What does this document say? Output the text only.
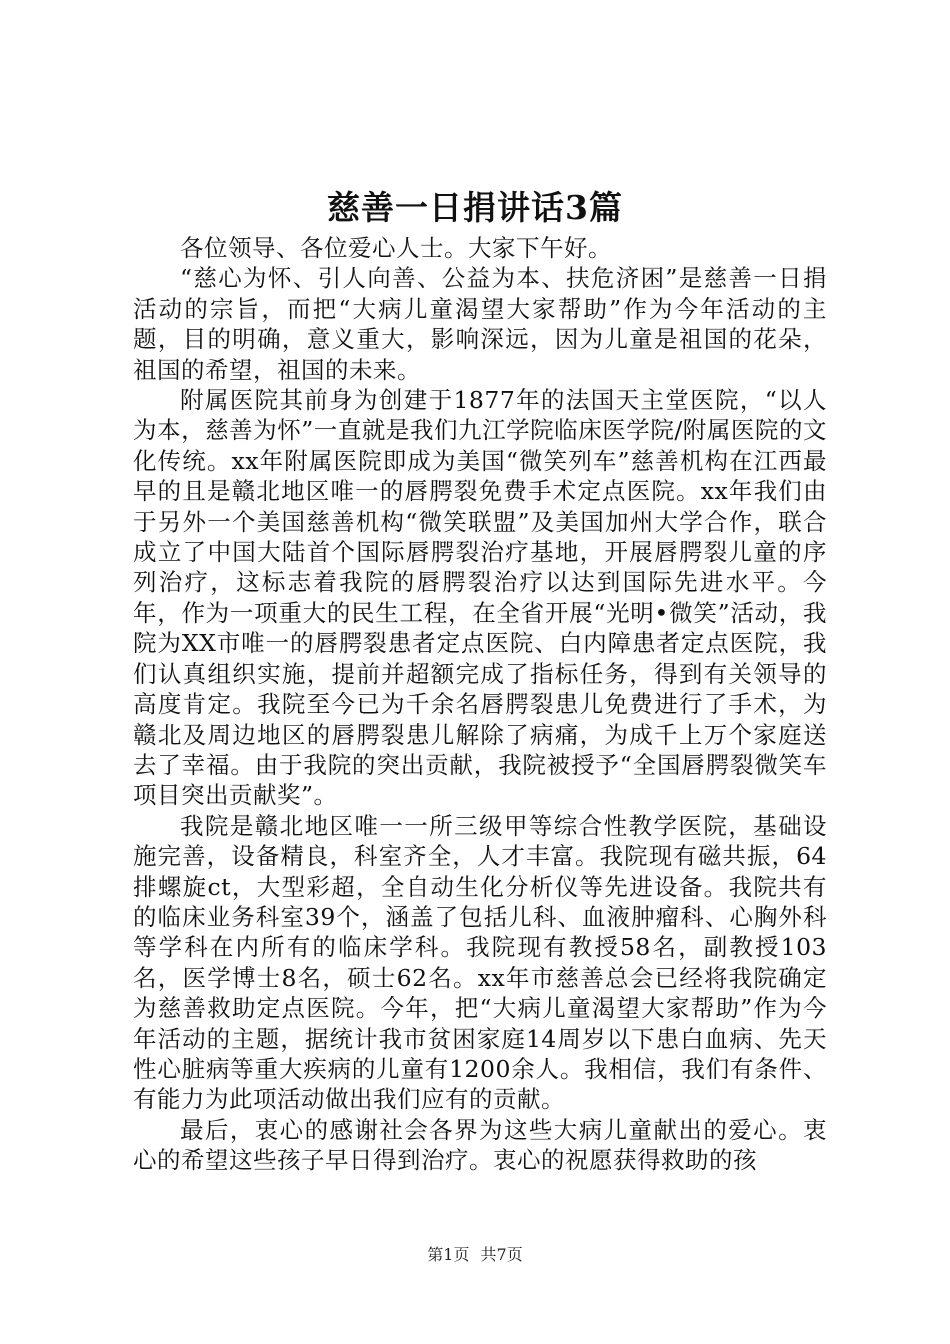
慈善一日捐讲话3篇

各位领导、各位爱心人士。大家下午好。

“慈心为怀、引人向善、公益为本、扶危济困”是慈善一日捐活动的宗旨，而把“大病儿童渴望大家帮助”作为今年活动的主题，目的明确，意义重大，影响深远，因为儿童是祖国的花朵，祖国的希望，祖国的未来。

附属医院其前身为创建于1877年的法国天主堂医院，“以人为本，慈善为怀”一直就是我们九江学院临床医学院/附属医院的文化传统。xx年附属医院即成为美国“微笑列车”慈善机构在江西最早的且是赣北地区唯一的唇腭裂免费手术定点医院。xx年我们由于另外一个美国慈善机构“微笑联盟”及美国加州大学合作，联合成立了中国大陆首个国际唇腭裂治疗基地，开展唇腭裂儿童的序列治疗，这标志着我院的唇腭裂治疗以达到国际先进水平。今年，作为一项重大的民生工程，在全省开展“光明•微笑”活动，我院为XX市唯一的唇腭裂患者定点医院、白内障患者定点医院，我们认真组织实施，提前并超额完成了指标任务，得到有关领导的高度肯定。我院至今已为千余名唇腭裂患儿免费进行了手术，为赣北及周边地区的唇腭裂患儿解除了病痛，为成千上万个家庭送去了幸福。由于我院的突出贡献，我院被授予“全国唇腭裂微笑车项目突出贡献奖”。

我院是赣北地区唯一一所三级甲等综合性教学医院，基础设施完善，设备精良，科室齐全，人才丰富。我院现有磁共振，64排螺旋ct，大型彩超，全自动生化分析仪等先进设备。我院共有的临床业务科室39个，涵盖了包括儿科、血液肿瘤科、心胸外科等学科在内所有的临床学科。我院现有教授58名，副教授103名，医学博士8名，硕士62名。xx年市慈善总会已经将我院确定为慈善救助定点医院。今年，把“大病儿童渴望大家帮助”作为今年活动的主题，据统计我市贫困家庭14周岁以下患白血病、先天性心脏病等重大疾病的儿童有1200余人。我相信，我们有条件、有能力为此项活动做出我们应有的贡献。

最后，衷心的感谢社会各界为这些大病儿童献出的爱心。衷心的希望这些孩子早日得到治疗。衷心的祝愿获得救助的孩

第1页 共7页
